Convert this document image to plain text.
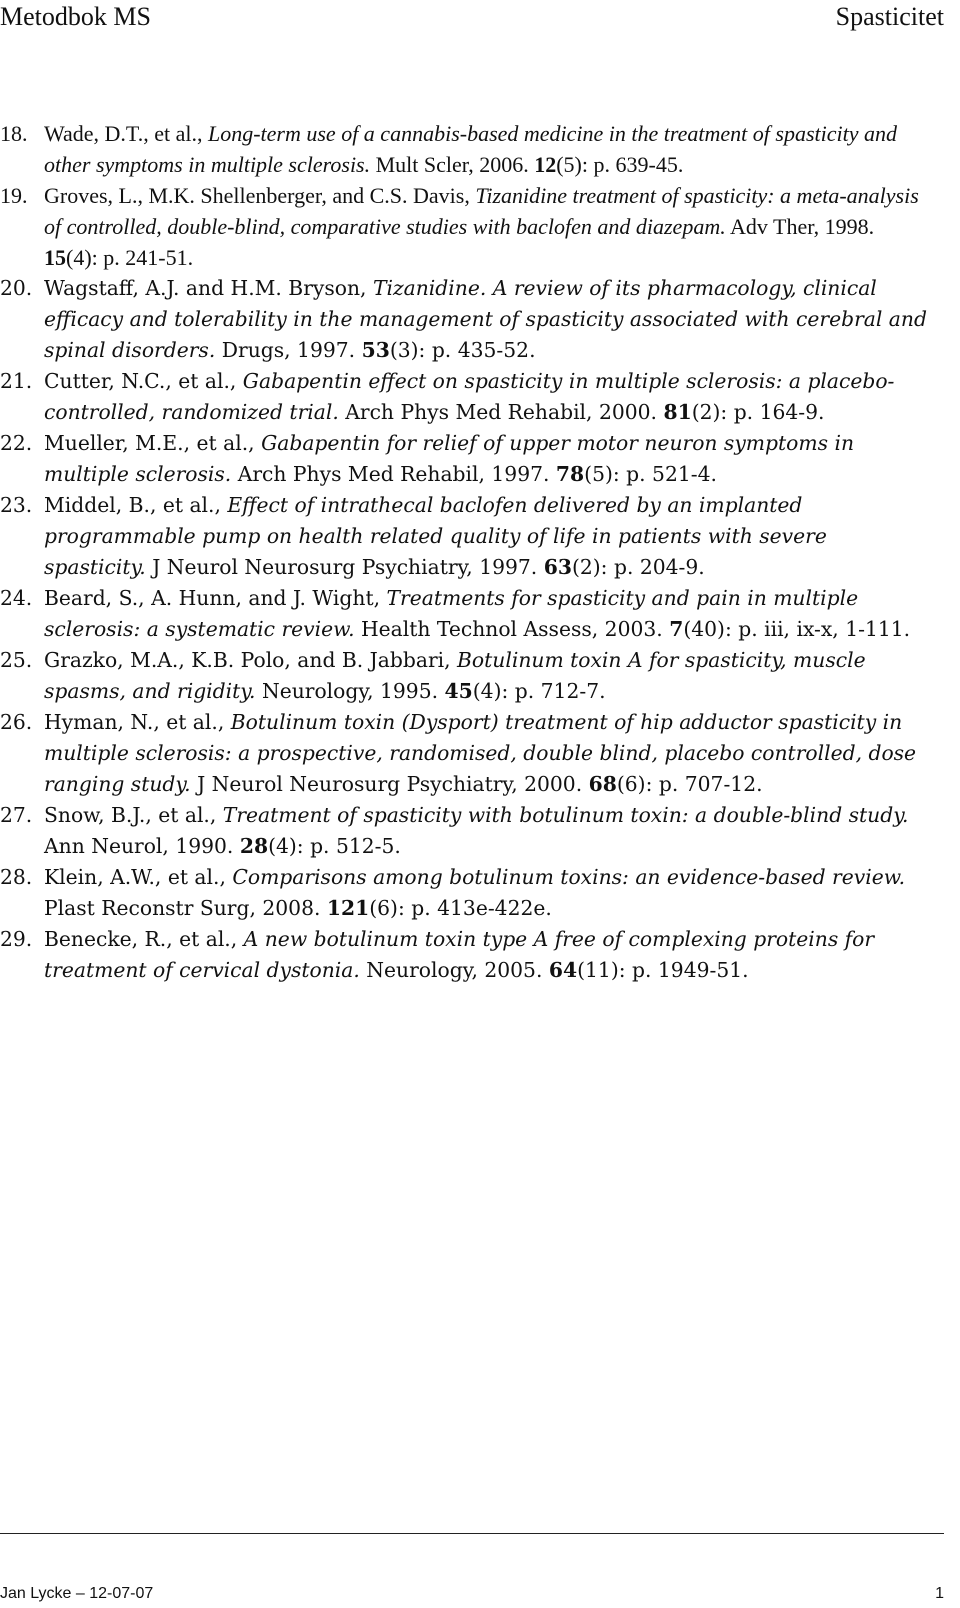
Metodbok MS	Spasticitet
18. Wade, D.T., et al., Long-term use of a cannabis-based medicine in the treatment of spasticity and other symptoms in multiple sclerosis. Mult Scler, 2006. 12(5): p. 639-45.
19. Groves, L., M.K. Shellenberger, and C.S. Davis, Tizanidine treatment of spasticity: a meta-analysis of controlled, double-blind, comparative studies with baclofen and diazepam. Adv Ther, 1998. 15(4): p. 241-51.
20. Wagstaff, A.J. and H.M. Bryson, Tizanidine. A review of its pharmacology, clinical efficacy and tolerability in the management of spasticity associated with cerebral and spinal disorders. Drugs, 1997. 53(3): p. 435-52.
21. Cutter, N.C., et al., Gabapentin effect on spasticity in multiple sclerosis: a placebo-controlled, randomized trial. Arch Phys Med Rehabil, 2000. 81(2): p. 164-9.
22. Mueller, M.E., et al., Gabapentin for relief of upper motor neuron symptoms in multiple sclerosis. Arch Phys Med Rehabil, 1997. 78(5): p. 521-4.
23. Middel, B., et al., Effect of intrathecal baclofen delivered by an implanted programmable pump on health related quality of life in patients with severe spasticity. J Neurol Neurosurg Psychiatry, 1997. 63(2): p. 204-9.
24. Beard, S., A. Hunn, and J. Wight, Treatments for spasticity and pain in multiple sclerosis: a systematic review. Health Technol Assess, 2003. 7(40): p. iii, ix-x, 1-111.
25. Grazko, M.A., K.B. Polo, and B. Jabbari, Botulinum toxin A for spasticity, muscle spasms, and rigidity. Neurology, 1995. 45(4): p. 712-7.
26. Hyman, N., et al., Botulinum toxin (Dysport) treatment of hip adductor spasticity in multiple sclerosis: a prospective, randomised, double blind, placebo controlled, dose ranging study. J Neurol Neurosurg Psychiatry, 2000. 68(6): p. 707-12.
27. Snow, B.J., et al., Treatment of spasticity with botulinum toxin: a double-blind study. Ann Neurol, 1990. 28(4): p. 512-5.
28. Klein, A.W., et al., Comparisons among botulinum toxins: an evidence-based review. Plast Reconstr Surg, 2008. 121(6): p. 413e-422e.
29. Benecke, R., et al., A new botulinum toxin type A free of complexing proteins for treatment of cervical dystonia. Neurology, 2005. 64(11): p. 1949-51.
Jan Lycke – 12-07-07	1
